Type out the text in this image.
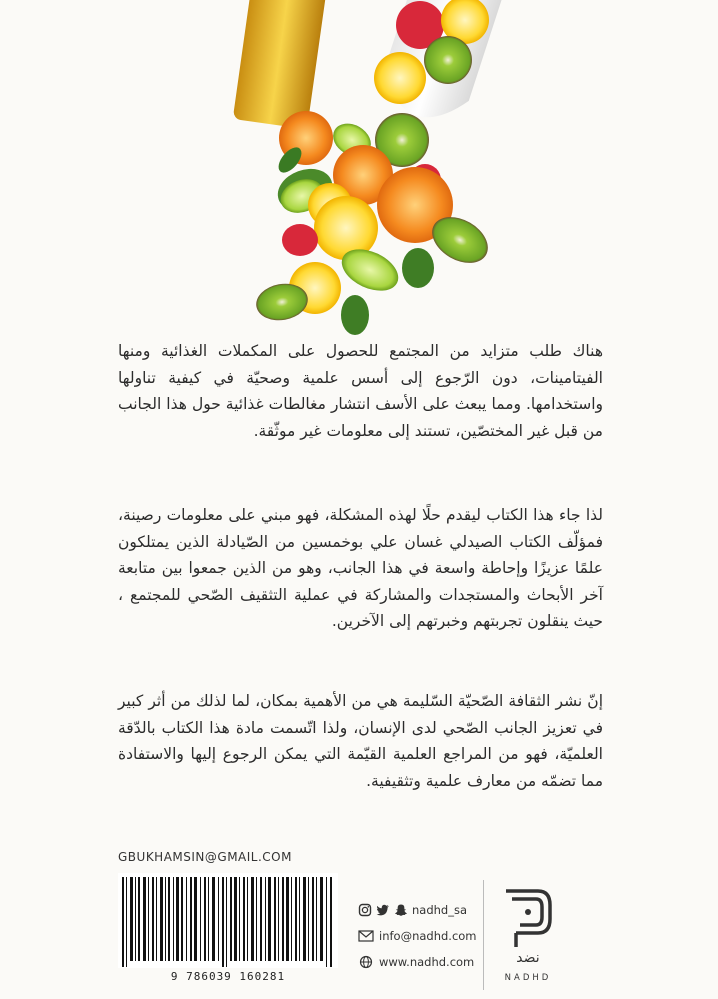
هناك طلب متزايد من المجتمع للحصول على المكملات الغذائية ومنها الفيتامينات، دون الرّجوع إلى أسس علمية وصحيّة في كيفية تناولها واستخدامها. ومما يبعث على الأسف انتشار مغالطات غذائية حول هذا الجانب من قبل غير المختصّين، تستند إلى معلومات غير موثّقة.

لذا جاء هذا الكتاب ليقدم حلًا لهذه المشكلة، فهو مبني على معلومات رصينة، فمؤلّف الكتاب الصيدلي غسان علي بوخمسين من الصّيادلة الذين يمتلكون علمًا عزيزًا وإحاطة واسعة في هذا الجانب، وهو من الذين جمعوا بين متابعة آخر الأبحاث والمستجدات والمشاركة في عملية التثقيف الصّحي للمجتمع ، حيث ينقلون تجربتهم وخبرتهم إلى الآخرين.

إنّ نشر الثقافة الصّحيّة السّليمة هي من الأهمية بمكان، لما لذلك من أثر كبير في تعزيز الجانب الصّحي لدى الإنسان، ولذا اتّسمت مادة هذا الكتاب بالدّقة العلميّة، فهو من المراجع العلمية القيّمة التي يمكن الرجوع إليها والاستفادة مما تضمّه من معارف علمية وتثقيفية.

GBUKHAMSIN@GMAIL.COM
9 786039 160281
nadhd_sa
info@nadhd.com
www.nadhd.com	نضد
NADHD
